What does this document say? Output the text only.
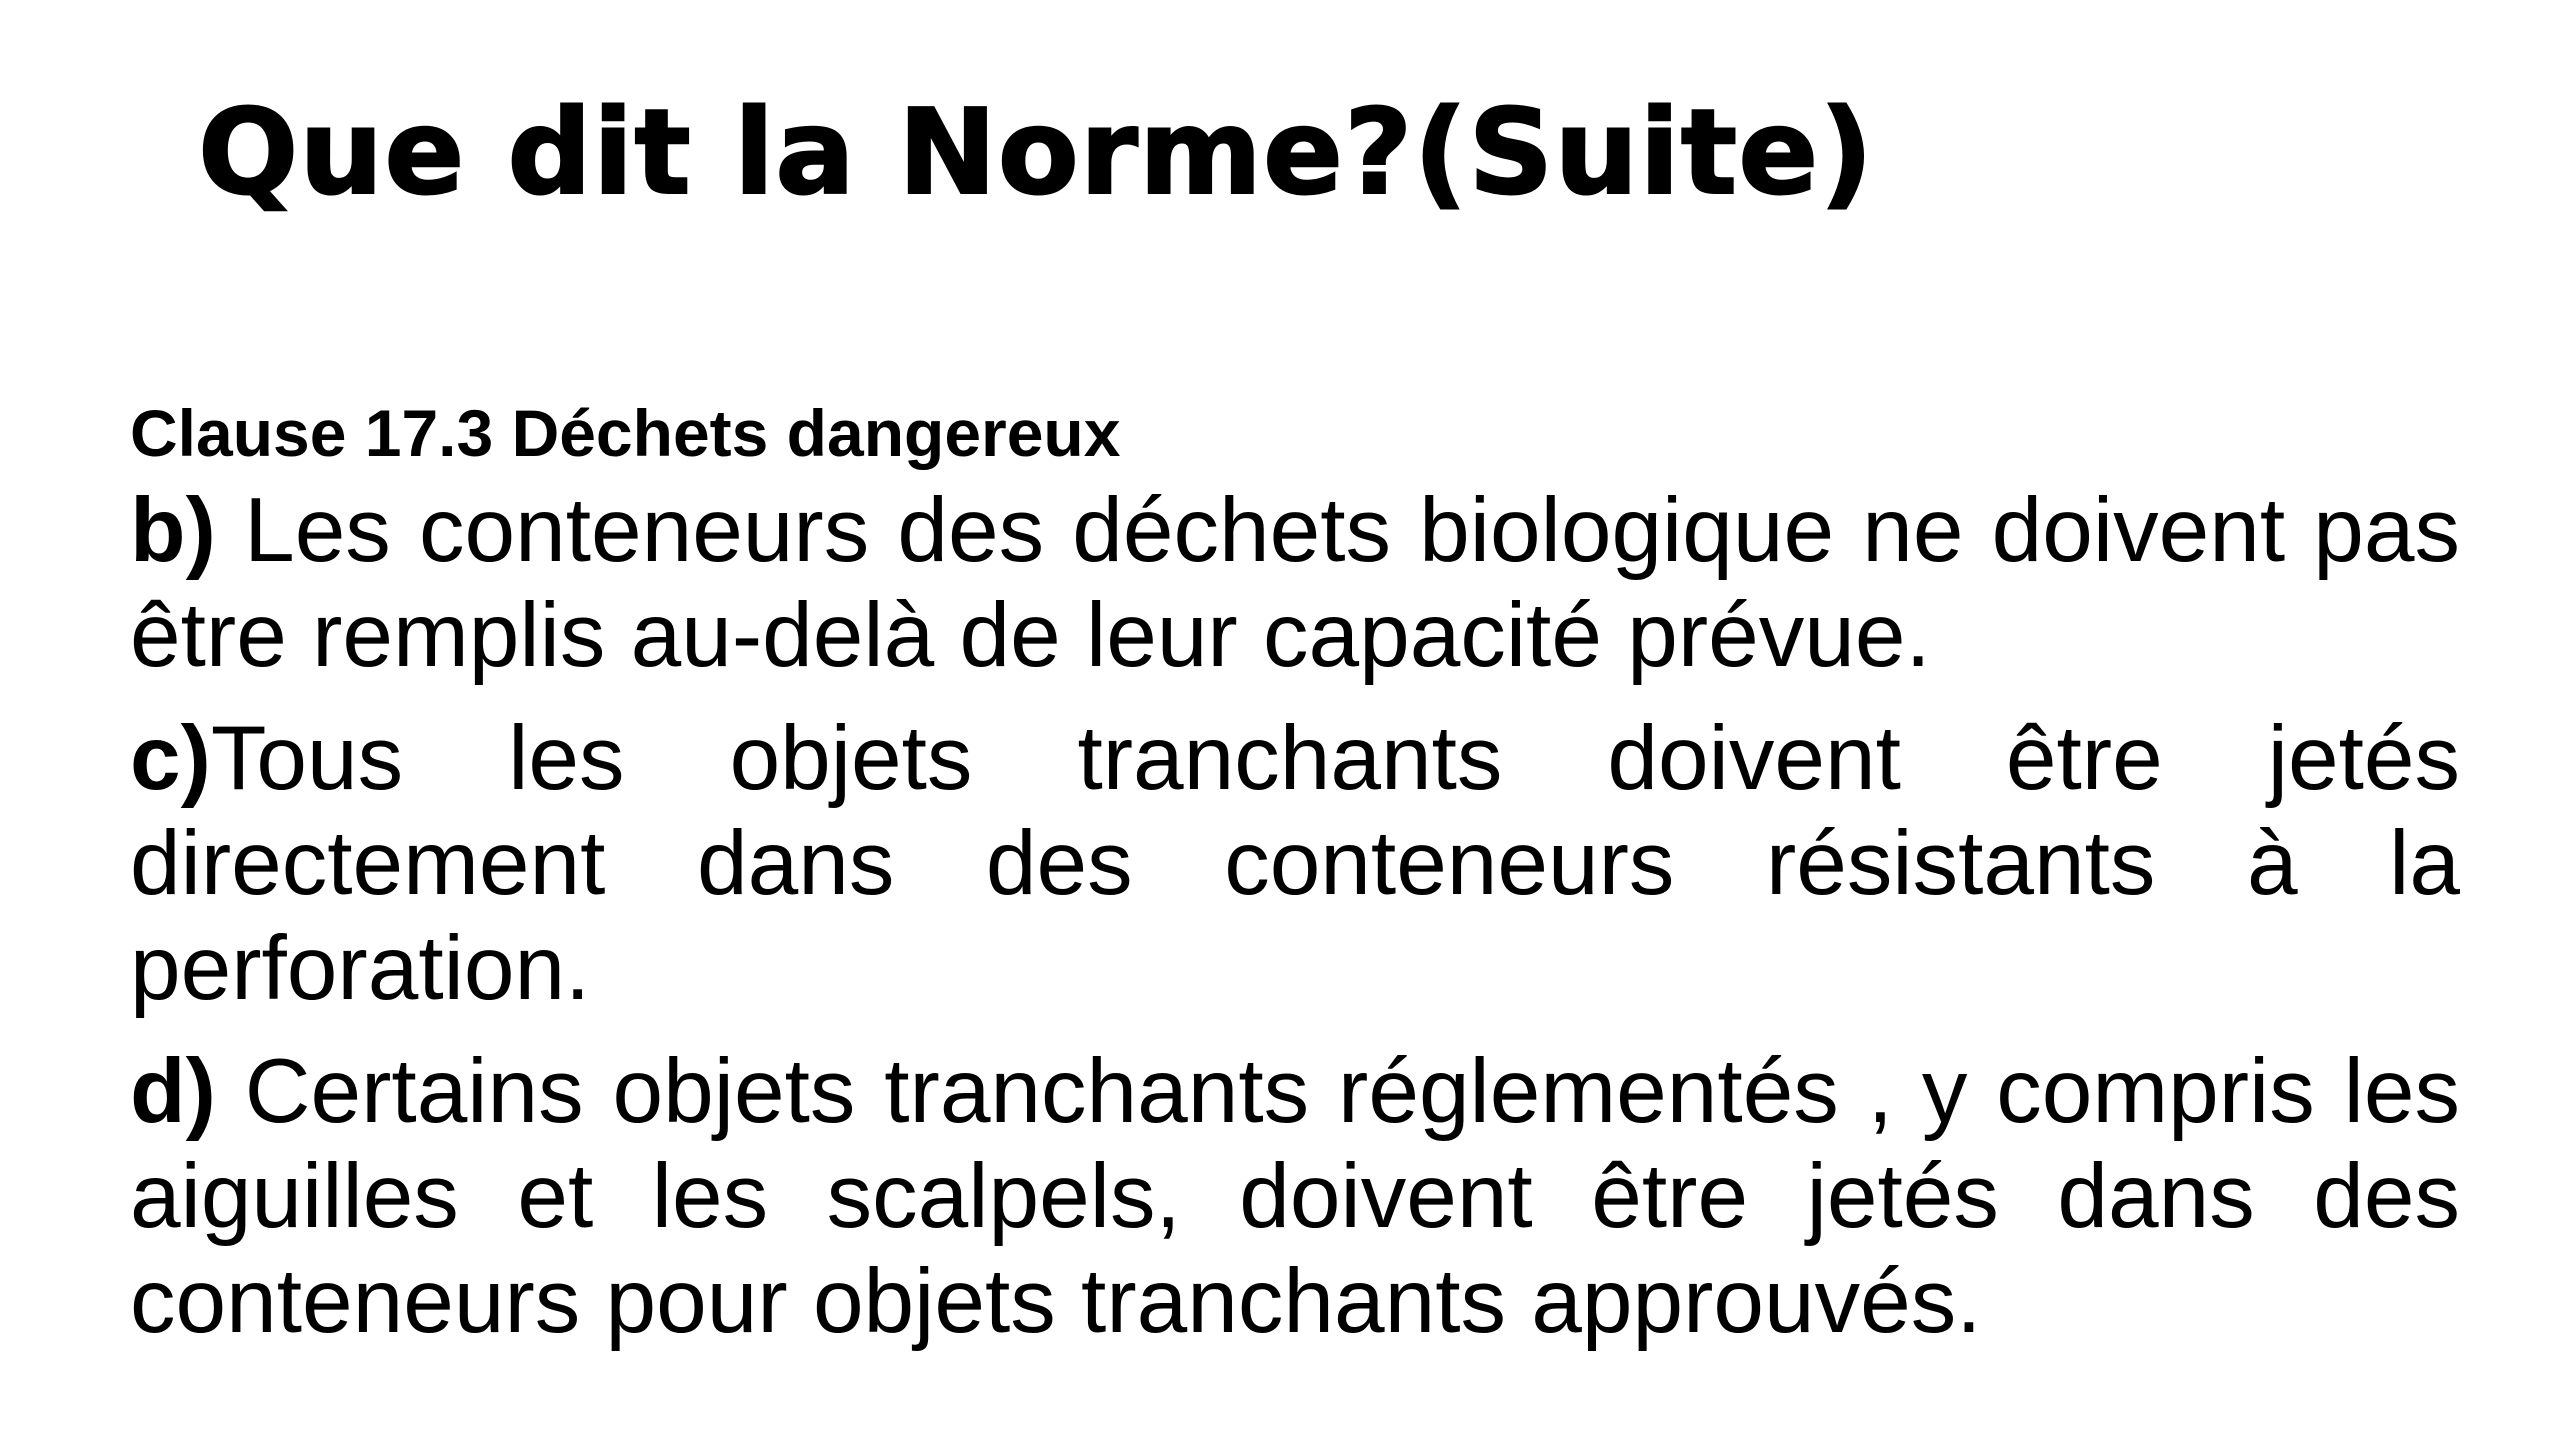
Que dit la Norme?(Suite)

Clause 17.3 Déchets dangereux

b) Les conteneurs des déchets biologique ne doivent pas être remplis au-delà de leur capacité prévue.

c)Tous les objets tranchants doivent être jetés directement dans des conteneurs résistants à la perforation.

d) Certains objets tranchants réglementés , y compris les aiguilles et les scalpels, doivent être jetés dans des conteneurs pour objets tranchants approuvés.
